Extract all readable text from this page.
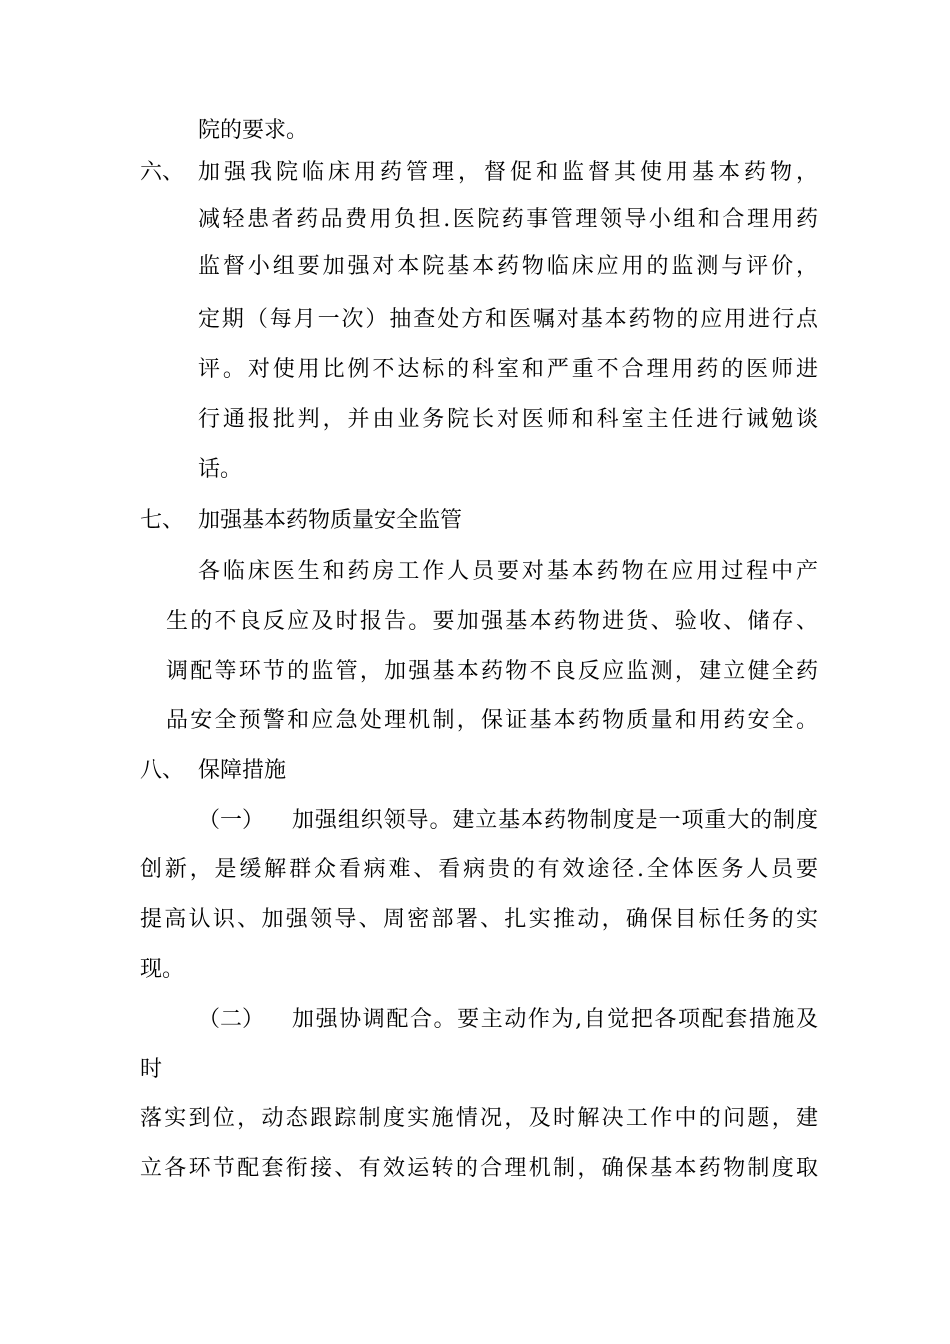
院的要求。
六、 加强我院临床用药管理，督促和监督其使用基本药物，
减轻患者药品费用负担.医院药事管理领导小组和合理用药
监督小组要加强对本院基本药物临床应用的监测与评价，
定期（每月一次）抽查处方和医嘱对基本药物的应用进行点
评。对使用比例不达标的科室和严重不合理用药的医师进
行通报批判，并由业务院长对医师和科室主任进行诫勉谈
话。
七、 加强基本药物质量安全监管
各临床医生和药房工作人员要对基本药物在应用过程中产
生的不良反应及时报告。要加强基本药物进货、验收、储存、
调配等环节的监管，加强基本药物不良反应监测，建立健全药
品安全预警和应急处理机制，保证基本药物质量和用药安全。
八、 保障措施
（一） 加强组织领导。建立基本药物制度是一项重大的制度
创新，是缓解群众看病难、看病贵的有效途径.全体医务人员要
提高认识、加强领导、周密部署、扎实推动，确保目标任务的实
现。
（二） 加强协调配合。要主动作为,自觉把各项配套措施及
时
落实到位，动态跟踪制度实施情况，及时解决工作中的问题，建
立各环节配套衔接、有效运转的合理机制，确保基本药物制度取
